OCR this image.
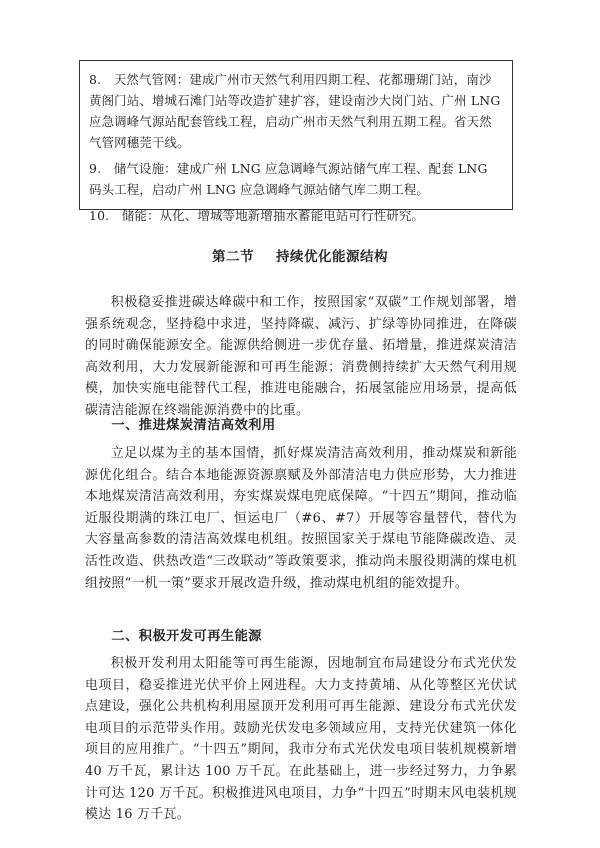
8.　天然气管网：建成广州市天然气利用四期工程、花都珊瑚门站，南沙黄阁门站、增城石滩门站等改造扩建扩容，建设南沙大岗门站、广州 LNG 应急调峰气源站配套管线工程，启动广州市天然气利用五期工程。省天然气管网穗莞干线。

9.　储气设施：建成广州 LNG 应急调峰气源站储气库工程、配套 LNG 码头工程，启动广州 LNG 应急调峰气源站储气库二期工程。

10.　储能：从化、增城等地新增抽水蓄能电站可行性研究。

第二节 持续优化能源结构

积极稳妥推进碳达峰碳中和工作，按照国家“双碳”工作规划部署，增强系统观念，坚持稳中求进，坚持降碳、减污、扩绿等协同推进，在降碳的同时确保能源安全。能源供给侧进一步优存量、拓增量，推进煤炭清洁高效利用，大力发展新能源和可再生能源；消费侧持续扩大天然气利用规模，加快实施电能替代工程，推进电能融合，拓展氢能应用场景，提高低碳清洁能源在终端能源消费中的比重。

一、推进煤炭清洁高效利用

立足以煤为主的基本国情，抓好煤炭清洁高效利用，推动煤炭和新能源优化组合。结合本地能源资源禀赋及外部清洁电力供应形势，大力推进本地煤炭清洁高效利用，夯实煤炭煤电兜底保障。“十四五”期间，推动临近服役期满的珠江电厂、恒运电厂（#6、#7）开展等容量替代，替代为大容量高参数的清洁高效煤电机组。按照国家关于煤电节能降碳改造、灵活性改造、供热改造“三改联动”等政策要求，推动尚未服役期满的煤电机组按照“一机一策”要求开展改造升级，推动煤电机组的能效提升。

二、积极开发可再生能源

积极开发利用太阳能等可再生能源，因地制宜布局建设分布式光伏发电项目，稳妥推进光伏平价上网进程。大力支持黄埔、从化等整区光伏试点建设，强化公共机构利用屋顶开发利用可再生能源、建设分布式光伏发电项目的示范带头作用。鼓励光伏发电多领域应用，支持光伏建筑一体化项目的应用推广。“十四五”期间，我市分布式光伏发电项目装机规模新增 40 万千瓦，累计达 100 万千瓦。在此基础上，进一步经过努力，力争累计可达 120 万千瓦。积极推进风电项目，力争“十四五”时期末风电装机规模达 16 万千瓦。
